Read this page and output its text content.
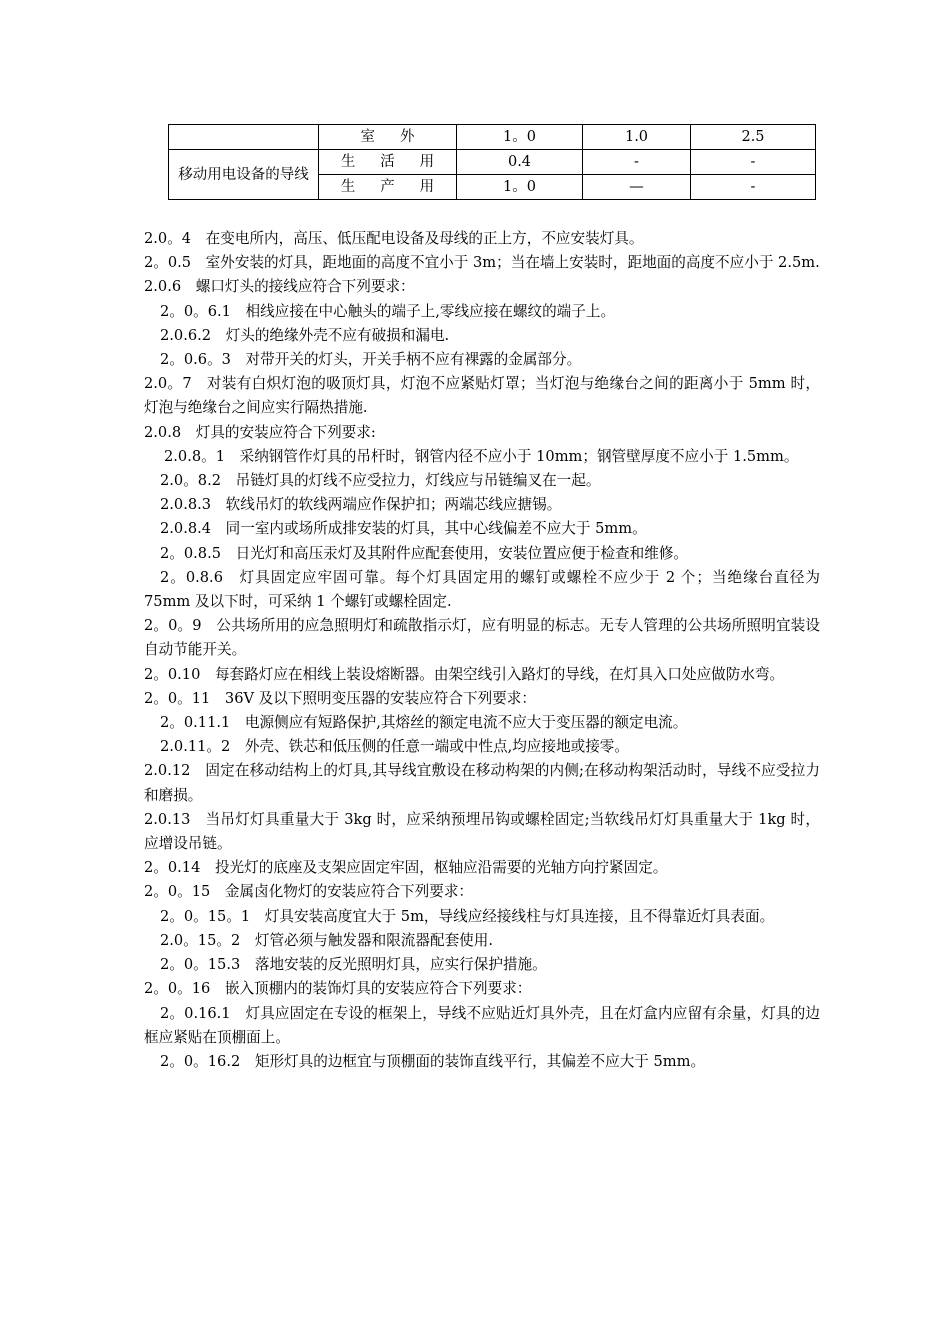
	室 外	1。0	1.0	2.5
移动用电设备的导线	生 活 用	0.4	-	-
	生 产 用	1。0	—	-

2.0。4　在变电所内，高压、低压配电设备及母线的正上方，不应安装灯具。

2。0.5　室外安装的灯具，距地面的高度不宜小于 3m；当在墙上安装时，距地面的高度不应小于 2.5m.

2.0.6　螺口灯头的接线应符合下列要求：

2。0。6.1　相线应接在中心触头的端子上,零线应接在螺纹的端子上。

2.0.6.2　灯头的绝缘外壳不应有破损和漏电.

2。0.6。3　对带开关的灯头，开关手柄不应有裸露的金属部分。

2.0。7　对装有白炽灯泡的吸顶灯具，灯泡不应紧贴灯罩；当灯泡与绝缘台之间的距离小于 5mm 时，灯泡与绝缘台之间应实行隔热措施.

2.0.8　灯具的安装应符合下列要求:

2.0.8。1　采纳钢管作灯具的吊杆时，钢管内径不应小于 10mm；钢管壁厚度不应小于 1.5mm。

2.0。8.2　吊链灯具的灯线不应受拉力，灯线应与吊链编叉在一起。

2.0.8.3　软线吊灯的软线两端应作保护扣；两端芯线应搪锡。

2.0.8.4　同一室内或场所成排安装的灯具，其中心线偏差不应大于 5mm。

2。0.8.5　日光灯和高压汞灯及其附件应配套使用，安装位置应便于检查和维修。

2。0.8.6　灯具固定应牢固可靠。每个灯具固定用的螺钉或螺栓不应少于 2 个；当绝缘台直径为 75mm 及以下时，可采纳 1 个螺钉或螺栓固定.

2。0。9　公共场所用的应急照明灯和疏散指示灯，应有明显的标志。无专人管理的公共场所照明宜装设自动节能开关。

2。0.10　每套路灯应在相线上装设熔断器。由架空线引入路灯的导线，在灯具入口处应做防水弯。

2。0。11　36V 及以下照明变压器的安装应符合下列要求：

2。0.11.1　电源侧应有短路保护,其熔丝的额定电流不应大于变压器的额定电流。

2.0.11。2　外壳、铁芯和低压侧的任意一端或中性点,均应接地或接零。

2.0.12　固定在移动结构上的灯具,其导线宜敷设在移动构架的内侧;在移动构架活动时，导线不应受拉力和磨损。

2.0.13　当吊灯灯具重量大于 3kg 时，应采纳预埋吊钩或螺栓固定;当软线吊灯灯具重量大于 1kg 时，应增设吊链。

2。0.14　投光灯的底座及支架应固定牢固，枢轴应沿需要的光轴方向拧紧固定。

2。0。15　金属卤化物灯的安装应符合下列要求：

2。0。15。1　灯具安装高度宜大于 5m，导线应经接线柱与灯具连接，且不得靠近灯具表面。

2.0。15。2　灯管必须与触发器和限流器配套使用.

2。0。15.3　落地安装的反光照明灯具，应实行保护措施。

2。0。16　嵌入顶棚内的装饰灯具的安装应符合下列要求：

2。0.16.1　灯具应固定在专设的框架上，导线不应贴近灯具外壳，且在灯盒内应留有余量，灯具的边框应紧贴在顶棚面上。

2。0。16.2　矩形灯具的边框宜与顶棚面的装饰直线平行，其偏差不应大于 5mm。
